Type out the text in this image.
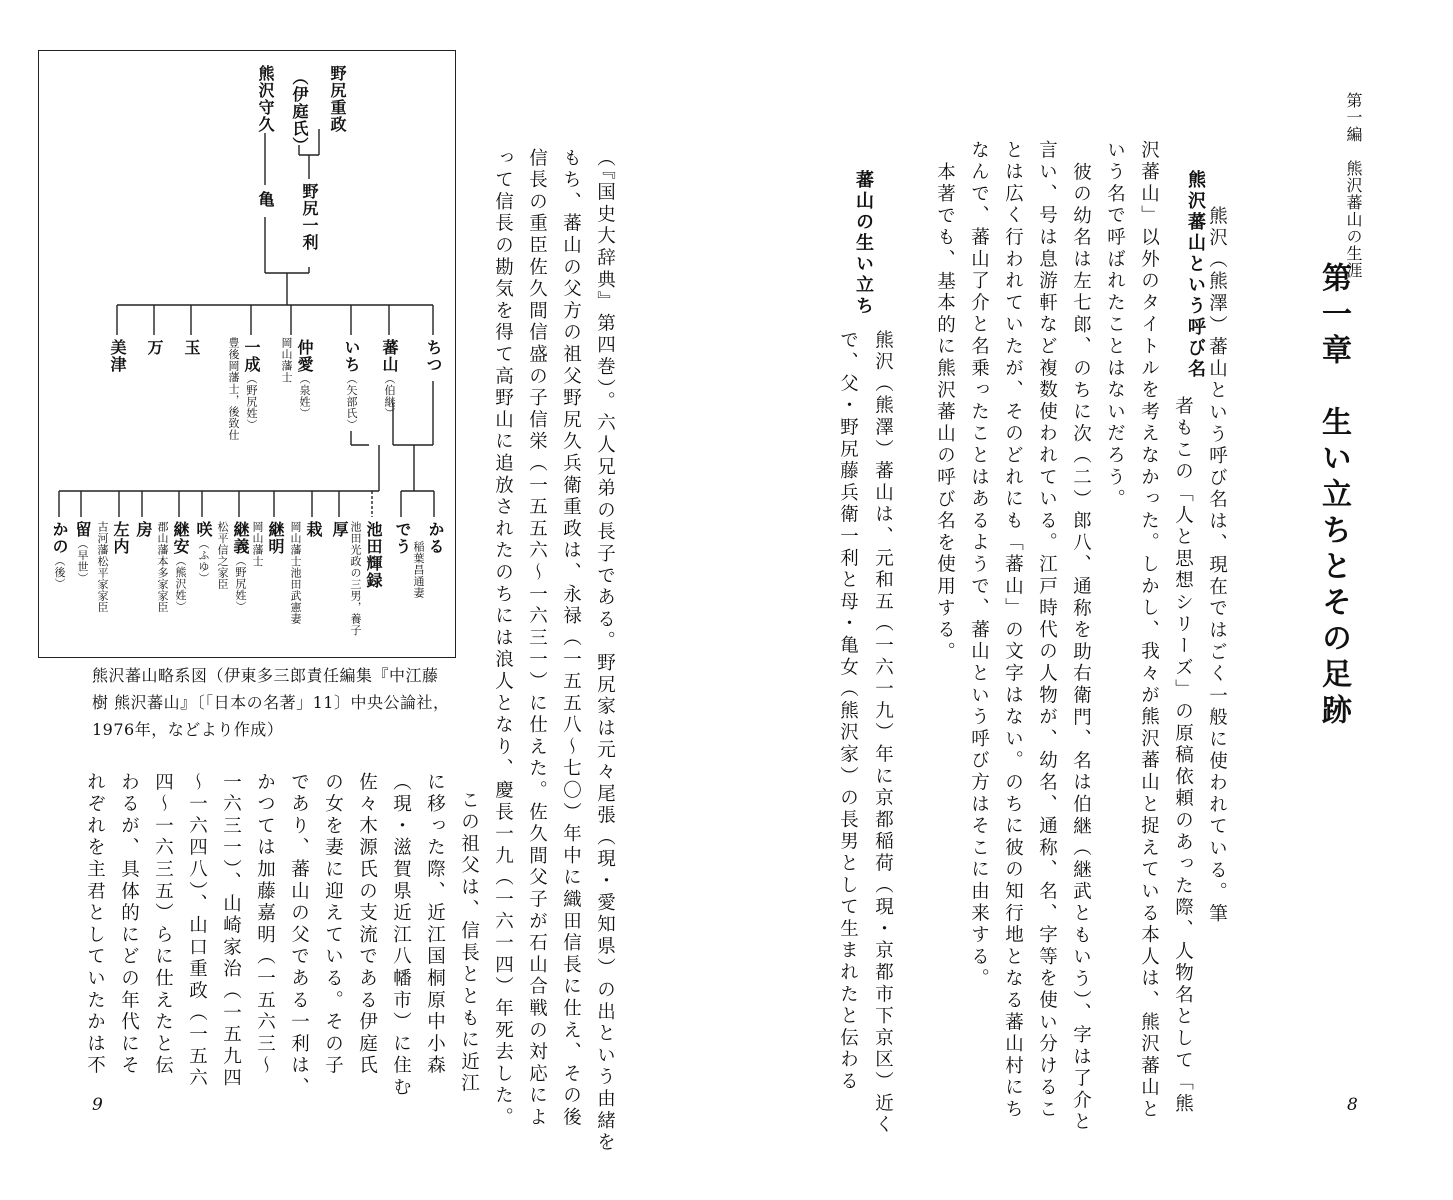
第一編　熊沢蕃山の生涯
第一章　生い立ちとその足跡
熊沢蕃山という呼び名 熊沢（熊澤）蕃山という呼び名は、現在ではごく一般に使われている。筆
者もこの「人と思想シリーズ」の原稿依頼のあった際、人物名として「熊
沢蕃山」以外のタイトルを考えなかった。しかし、我々が熊沢蕃山と捉えている本人は、熊沢蕃山と
いう名で呼ばれたことはないだろう。
彼の幼名は左七郎、のちに次（二）郎八、通称を助右衛門、名は伯継（継武ともいう）、字は了介と
言い、号は息游軒など複数使われている。江戸時代の人物が、幼名、通称、名、字等を使い分けるこ
とは広く行われていたが、そのどれにも「蕃山」の文字はない。のちに彼の知行地となる蕃山村にち
なんで、蕃山了介と名乗ったことはあるようで、蕃山という呼び方はそこに由来する。
本著でも、基本的に熊沢蕃山の呼び名を使用する。
蕃山の生い立ち
熊沢（熊澤）蕃山は、元和五（一六一九）年に京都稲荷（現・京都市下京区）近く
で、父・野尻藤兵衛一利と母・亀女（熊沢家）の長男として生まれたと伝わる
8
（『国史大辞典』第四巻）。六人兄弟の長子である。野尻家は元々尾張（現・愛知県）の出という由緒を
もち、蕃山の父方の祖父野尻久兵衛重政は、永禄（一五五八〜七〇）年中に織田信長に仕え、その後
信長の重臣佐久間信盛の子信栄（一五五六〜一六三一）に仕えた。佐久間父子が石山合戦の対応によ
って信長の勘気を得て高野山に追放されたのちには浪人となり、慶長一九（一六一四）年死去した。
この祖父は、信長とともに近江
に移った際、近江国桐原中小森
（現・滋賀県近江八幡市）に住む
佐々木源氏の支流である伊庭氏
の女を妻に迎えている。その子
であり、蕃山の父である一利は、
かつては加藤嘉明（一五六三〜
一六三一）、山崎家治（一五九四
〜一六四八）、山口重政（一五六
四〜一六三五）らに仕えたと伝
わるが、具体的にどの年代にそ
れぞれを主君としていたかは不
9
野尻重政
（伊庭氏）
熊沢守久
野尻一利
亀
ちつ
蕃山（伯継）
いち（矢部氏）
仲愛（泉姓）
岡山藩士
一成（野尻姓）
豊後岡藩士，後致仕
玉
万
美津
かる
稲葉昌通妻
でう
池田輝録
池田光政の三男，養子
厚
栽
岡山藩士池田武憲妻
継明
岡山藩士
継義（野尻姓）
松平信之家臣
咲（ふゆ）
継安（熊沢姓）
郡山藩本多家家臣
房
左内
古河藩松平家家臣
留（早世）
かの（後）
熊沢蕃山略系図（伊東多三郎責任編集『中江藤樹 熊沢蕃山』〔「日本の名著」11〕中央公論社，1976年，などより作成）
